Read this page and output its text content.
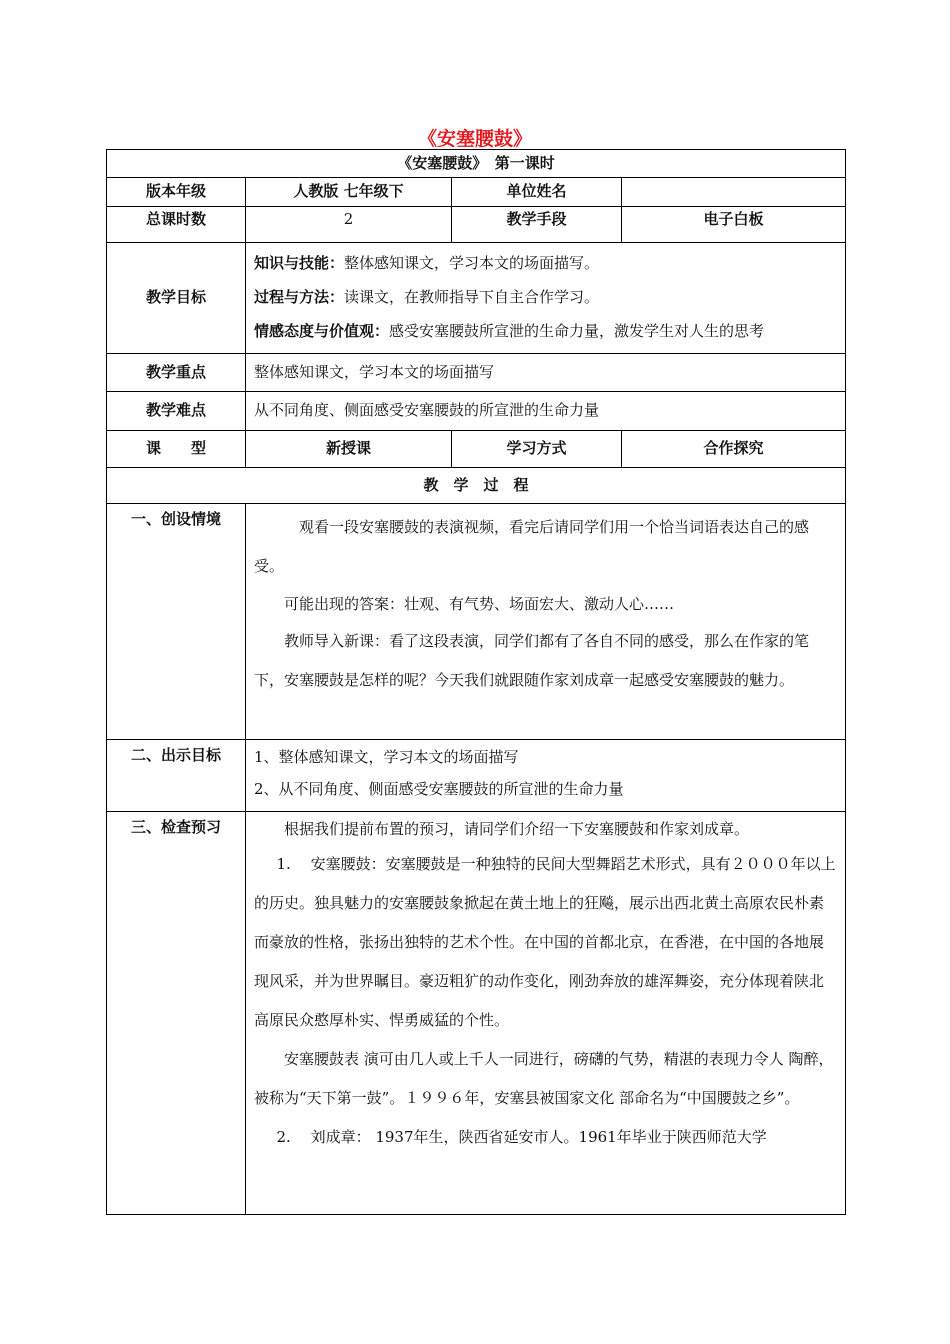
《安塞腰鼓》
《安塞腰鼓》　第一课时			
版本年级	人教版 七年级下	单位姓名	
总课时数	2	教学手段	电子白板
教学目标	知识与技能：整体感知课文，学习本文的场面描写。

过程与方法：读课文，在教师指导下自主合作学习。

情感态度与价值观：感受安塞腰鼓所宣泄的生命力量，激发学生对人生的思考		

教学重点	整体感知课文，学习本文的场面描写		
教学难点	从不同角度、侧面感受安塞腰鼓的所宣泄的生命力量		
课　　型	新授课	学习方式	合作探究
教　学　过　程			
一、创设情境	观看一段安塞腰鼓的表演视频，看完后请同学们用一个恰当词语表达自己的感受。
可能出现的答案：壮观、有气势、场面宏大、激动人心……
教师导入新课：看了这段表演，同学们都有了各自不同的感受，那么在作家的笔下，安塞腰鼓是怎样的呢？今天我们就跟随作家刘成章一起感受安塞腰鼓的魅力。		

二、出示目标	1、整体感知课文，学习本文的场面描写
2、从不同角度、侧面感受安塞腰鼓的所宣泄的生命力量		

三、检查预习	根据我们提前布置的预习，请同学们介绍一下安塞腰鼓和作家刘成章。
1.　 安塞腰鼓：安塞腰鼓是一种独特的民间大型舞蹈艺术形式，具有２０００年以上的历史。独具魅力的安塞腰鼓象掀起在黄土地上的狂飚，展示出西北黄土高原农民朴素而豪放的性格，张扬出独特的艺术个性。在中国的首都北京，在香港，在中国的各地展现风采，并为世界瞩目。豪迈粗犷的动作变化，刚劲奔放的雄浑舞姿，充分体现着陕北高原民众憨厚朴实、悍勇威猛的个性。
安塞腰鼓表 演可由几人或上千人一同进行，磅礴的气势，精湛的表现力令人 陶醉，被称为“天下第一鼓”。１９９６年，安塞县被国家文化 部命名为“中国腰鼓之乡”。
2.　 刘成章： 1937年生，陕西省延安市人。1961年毕业于陕西师范大学		
